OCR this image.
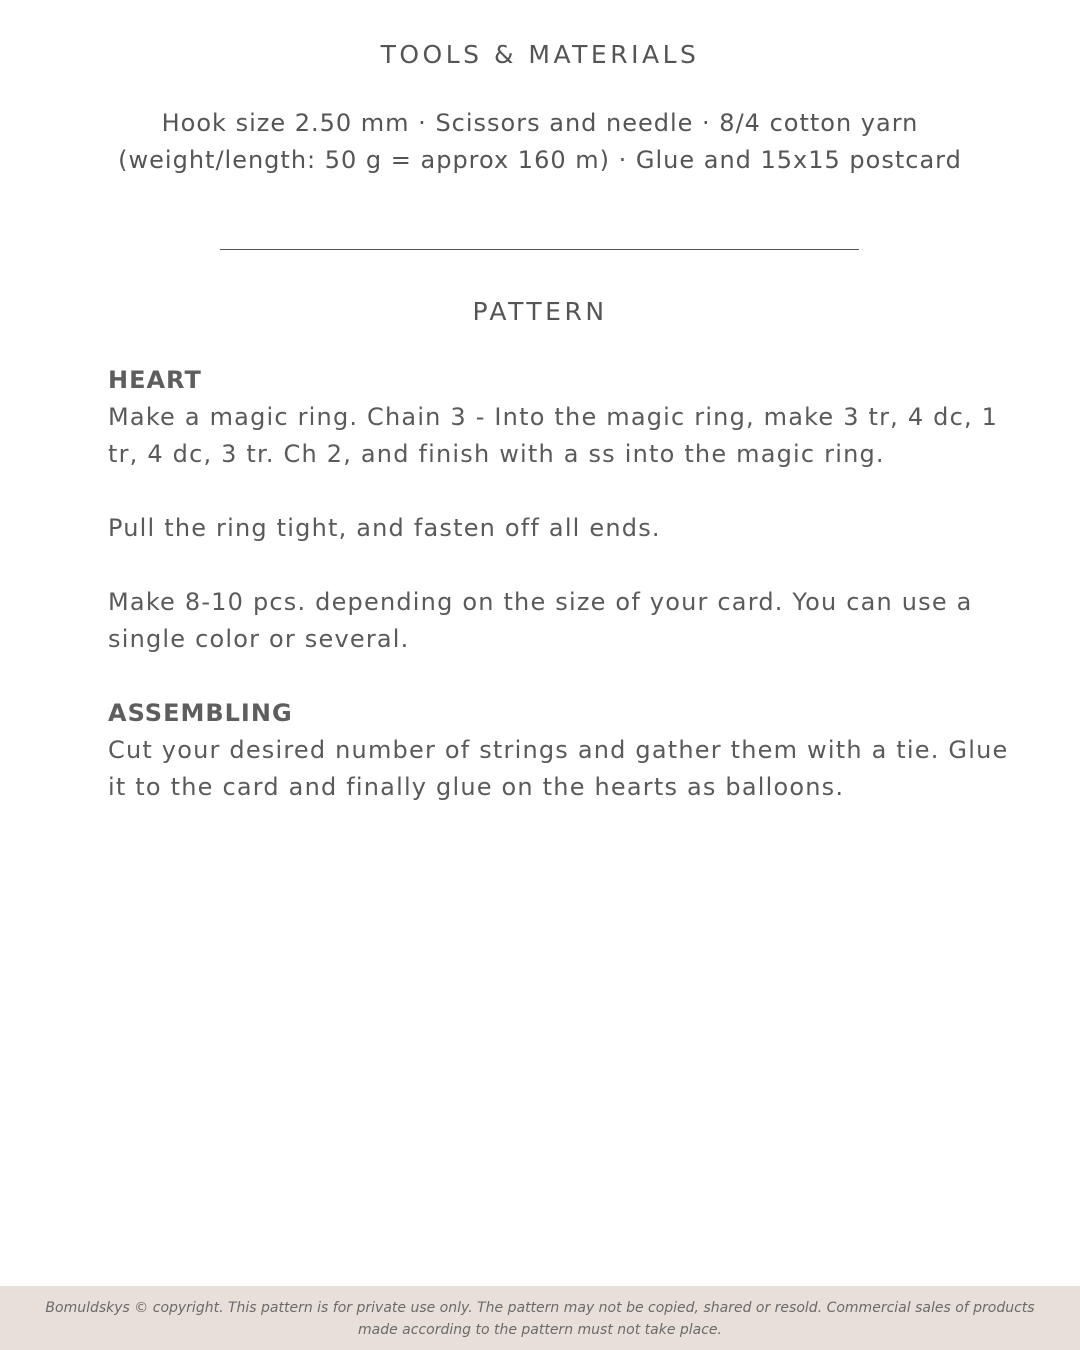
TOOLS & MATERIALS
Hook size 2.50 mm · Scissors and needle · 8/4 cotton yarn
(weight/length: 50 g = approx 160 m) · Glue and 15x15 postcard
PATTERN
HEART

Make a magic ring. Chain 3 - Into the magic ring, make 3 tr, 4 dc, 1
tr, 4 dc, 3 tr. Ch 2, and finish with a ss into the magic ring.

Pull the ring tight, and fasten off all ends.

Make 8-10 pcs. depending on the size of your card. You can use a
single color or several.

ASSEMBLING

Cut your desired number of strings and gather them with a tie. Glue
it to the card and finally glue on the hearts as balloons.

Bomuldskys © copyright. This pattern is for private use only. The pattern may not be copied, shared or resold. Commercial sales of products
made according to the pattern must not take place.
